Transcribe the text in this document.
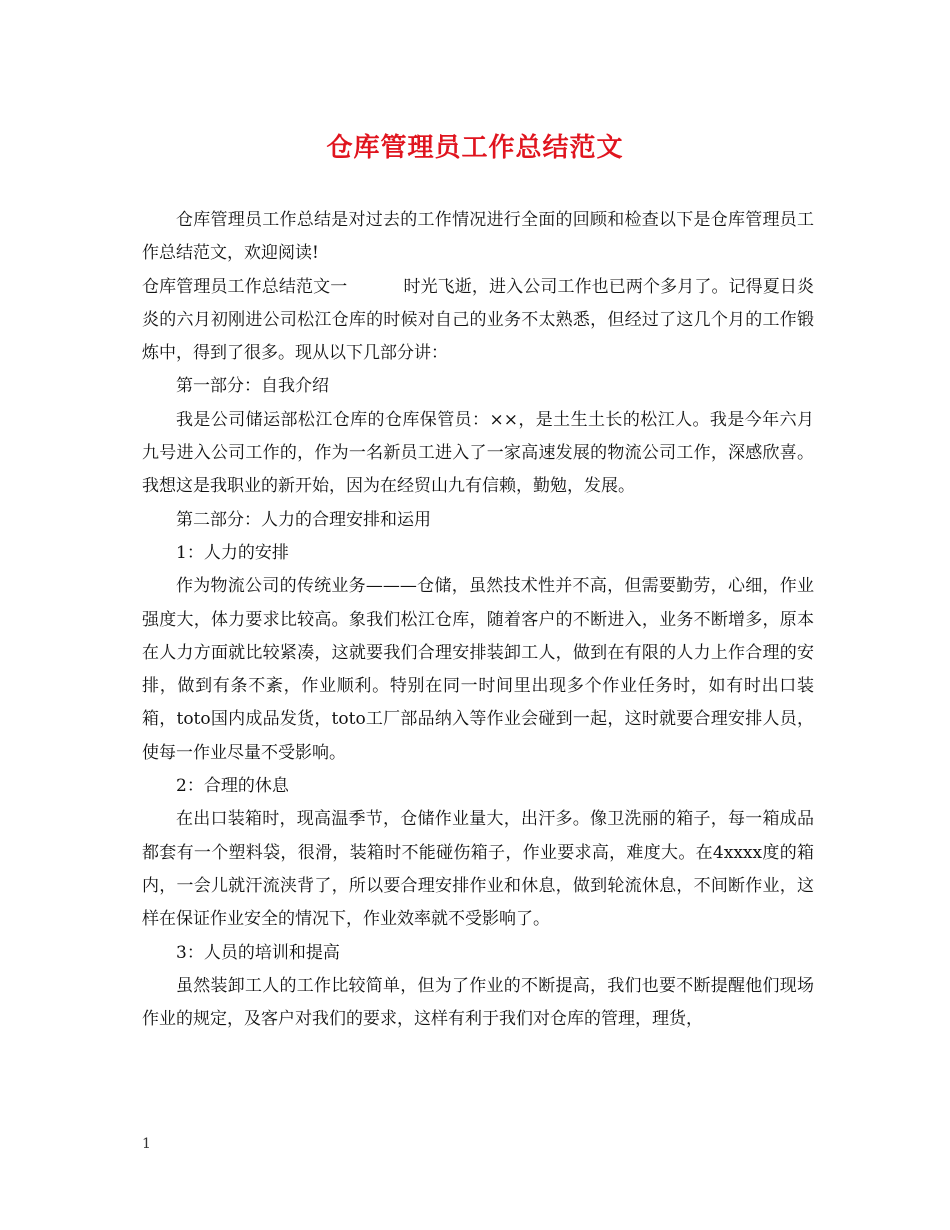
仓库管理员工作总结范文

仓库管理员工作总结是对过去的工作情况进行全面的回顾和检查以下是仓库管理员工作总结范文，欢迎阅读!

仓库管理员工作总结范文一	时光飞逝，进入公司工作也已两个多月了。记得夏日炎炎的六月初刚进公司松江仓库的时候对自己的业务不太熟悉，但经过了这几个月的工作锻炼中，得到了很多。现从以下几部分讲：

第一部分：自我介绍

我是公司储运部松江仓库的仓库保管员：××，是土生土长的松江人。我是今年六月九号进入公司工作的，作为一名新员工进入了一家高速发展的物流公司工作，深感欣喜。我想这是我职业的新开始，因为在经贸山九有信赖，勤勉，发展。

第二部分：人力的合理安排和运用

1：人力的安排

作为物流公司的传统业务———仓储，虽然技术性并不高，但需要勤劳，心细，作业强度大，体力要求比较高。象我们松江仓库，随着客户的不断进入，业务不断增多，原本在人力方面就比较紧凑，这就要我们合理安排装卸工人，做到在有限的人力上作合理的安排，做到有条不紊，作业顺利。特别在同一时间里出现多个作业任务时，如有时出口装箱，toto国内成品发货，toto工厂部品纳入等作业会碰到一起，这时就要合理安排人员，使每一作业尽量不受影响。

2：合理的休息

在出口装箱时，现高温季节，仓储作业量大，出汗多。像卫洗丽的箱子，每一箱成品都套有一个塑料袋，很滑，装箱时不能碰伤箱子，作业要求高，难度大。在4xxxx度的箱内，一会儿就汗流浃背了，所以要合理安排作业和休息，做到轮流休息，不间断作业，这样在保证作业安全的情况下，作业效率就不受影响了。

3：人员的培训和提高

虽然装卸工人的工作比较简单，但为了作业的不断提高，我们也要不断提醒他们现场作业的规定，及客户对我们的要求，这样有利于我们对仓库的管理，理货，

1
